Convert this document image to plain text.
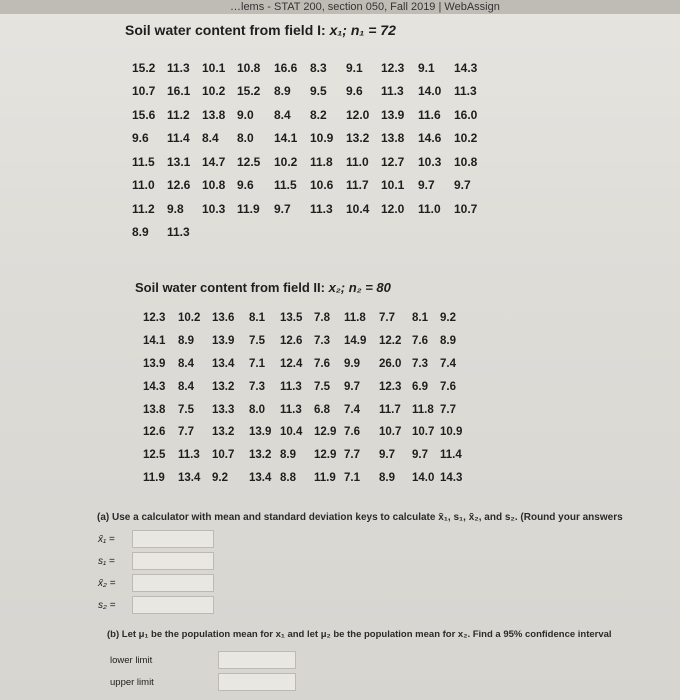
…lems - STAT 200, section 050, Fall 2019 | WebAssign
Soil water content from field I: x₁; n₁ = 72
15.2 11.3	10.1 10.8	16.6	8.3	9.1	12.3	9.1	14.3
10.7 16.1 10.2 15.2	8.9	9.5	9.6	11.3	14.0	11.3
15.6 11.2	13.8 9.0	8.4	8.2	12.0 13.9	11.6	16.0
9.6	11.4	8.4	8.0	14.1	10.9	13.2 13.8	14.6	10.2
11.5	13.1 14.7 12.5	10.2	11.8	11.0	12.7	10.3	10.8
11.0	12.6 10.8 9.6	11.5	10.6	11.7	10.1	9.7	9.7
11.2	9.8	10.3 11.9	9.7	11.3	10.4 12.0	11.0	10.7
8.9	11.3
Soil water content from field II: x₂; n₂ = 80
12.3	10.2	13.6	8.1	13.5	7.8	11.8	7.7	8.1	9.2
14.1	8.9	13.9	7.5	12.6	7.3	14.9	12.2 7.6	8.9
13.9	8.4	13.4	7.1	12.4	7.6	9.9	26.0 7.3	7.4
14.3	8.4	13.2	7.3	11.3	7.5	9.7	12.3 6.9	7.6
13.8	7.5	13.3	8.0	11.3	6.8	7.4	11.7 11.8 7.7
12.6	7.7	13.2	13.9 10.4	12.9 7.6	10.7 10.7 10.9
12.5	11.3	10.7	13.2 8.9	12.9 7.7	9.7	9.7	11.4
11.9	13.4	9.2	13.4 8.8	11.9 7.1	8.9	14.0 14.3
(a) Use a calculator with mean and standard deviation keys to calculate x̄₁, s₁, x̄₂, and s₂. (Round your answers
x̄₁ =
s₁ =
x̄₂ =
s₂ =
(b) Let μ₁ be the population mean for x₁ and let μ₂ be the population mean for x₂. Find a 95% confidence interval
lower limit
upper limit
